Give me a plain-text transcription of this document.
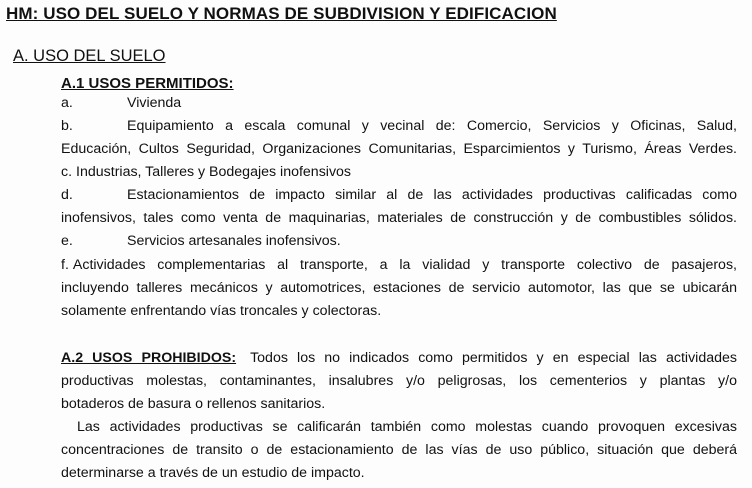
HM: USO DEL SUELO Y NORMAS DE SUBDIVISION Y EDIFICACION
A. USO DEL SUELO
A.1 USOS PERMITIDOS:
a.	Vivienda
b.	Equipamiento a escala comunal y vecinal de: Comercio, Servicios y Oficinas, Salud,
Educación, Cultos Seguridad, Organizaciones Comunitarias, Esparcimientos y Turismo, Áreas Verdes.
c. Industrias, Talleres y Bodegajes inofensivos
d.	Estacionamientos de impacto similar al de las actividades productivas calificadas como
inofensivos, tales como venta de maquinarias, materiales de construcción y de combustibles sólidos.
e.	Servicios artesanales inofensivos.
f. Actividades complementarias al transporte, a la vialidad y transporte colectivo de pasajeros,
incluyendo talleres mecánicos y automotrices, estaciones de servicio automotor, las que se ubicarán
solamente enfrentando vías troncales y colectoras.
A.2 USOS PROHIBIDOS: Todos los no indicados como permitidos y en especial las actividades
productivas molestas, contaminantes, insalubres y/o peligrosas, los cementerios y plantas y/o
botaderos de basura o rellenos sanitarios.
Las actividades productivas se calificarán también como molestas cuando provoquen excesivas
concentraciones de transito o de estacionamiento de las vías de uso público, situación que deberá
determinarse a través de un estudio de impacto.
